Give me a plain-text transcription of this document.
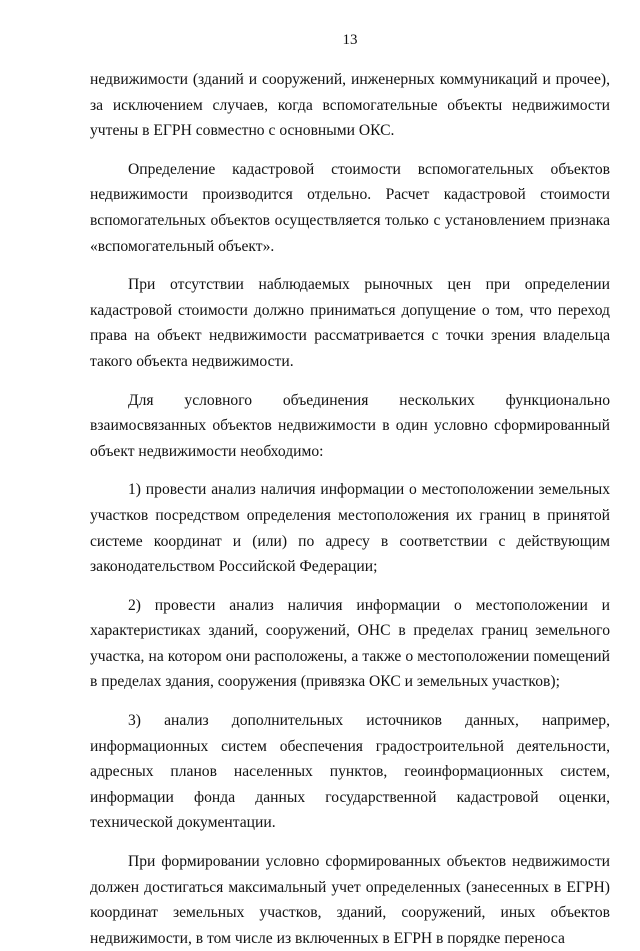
13

недвижимости (зданий и сооружений, инженерных коммуникаций и прочее), за исключением случаев, когда вспомогательные объекты недвижимости учтены в ЕГРН совместно с основными ОКС.

Определение кадастровой стоимости вспомогательных объектов недвижимости производится отдельно. Расчет кадастровой стоимости вспомогательных объектов осуществляется только с установлением признака «вспомогательный объект».

При отсутствии наблюдаемых рыночных цен при определении кадастровой стоимости должно приниматься допущение о том, что переход права на объект недвижимости рассматривается с точки зрения владельца такого объекта недвижимости.

Для условного объединения нескольких функционально взаимосвязанных объектов недвижимости в один условно сформированный объект недвижимости необходимо:

1) провести анализ наличия информации о местоположении земельных участков посредством определения местоположения их границ в принятой системе координат и (или) по адресу в соответствии с действующим законодательством Российской Федерации;

2) провести анализ наличия информации о местоположении и характеристиках зданий, сооружений, ОНС в пределах границ земельного участка, на котором они расположены, а также о местоположении помещений в пределах здания, сооружения (привязка ОКС и земельных участков);

3) анализ дополнительных источников данных, например, информационных систем обеспечения градостроительной деятельности, адресных планов населенных пунктов, геоинформационных систем, информации фонда данных государственной кадастровой оценки, технической документации.

При формировании условно сформированных объектов недвижимости должен достигаться максимальный учет определенных (занесенных в ЕГРН) координат земельных участков, зданий, сооружений, иных объектов недвижимости, в том числе из включенных в ЕГРН в порядке переноса
